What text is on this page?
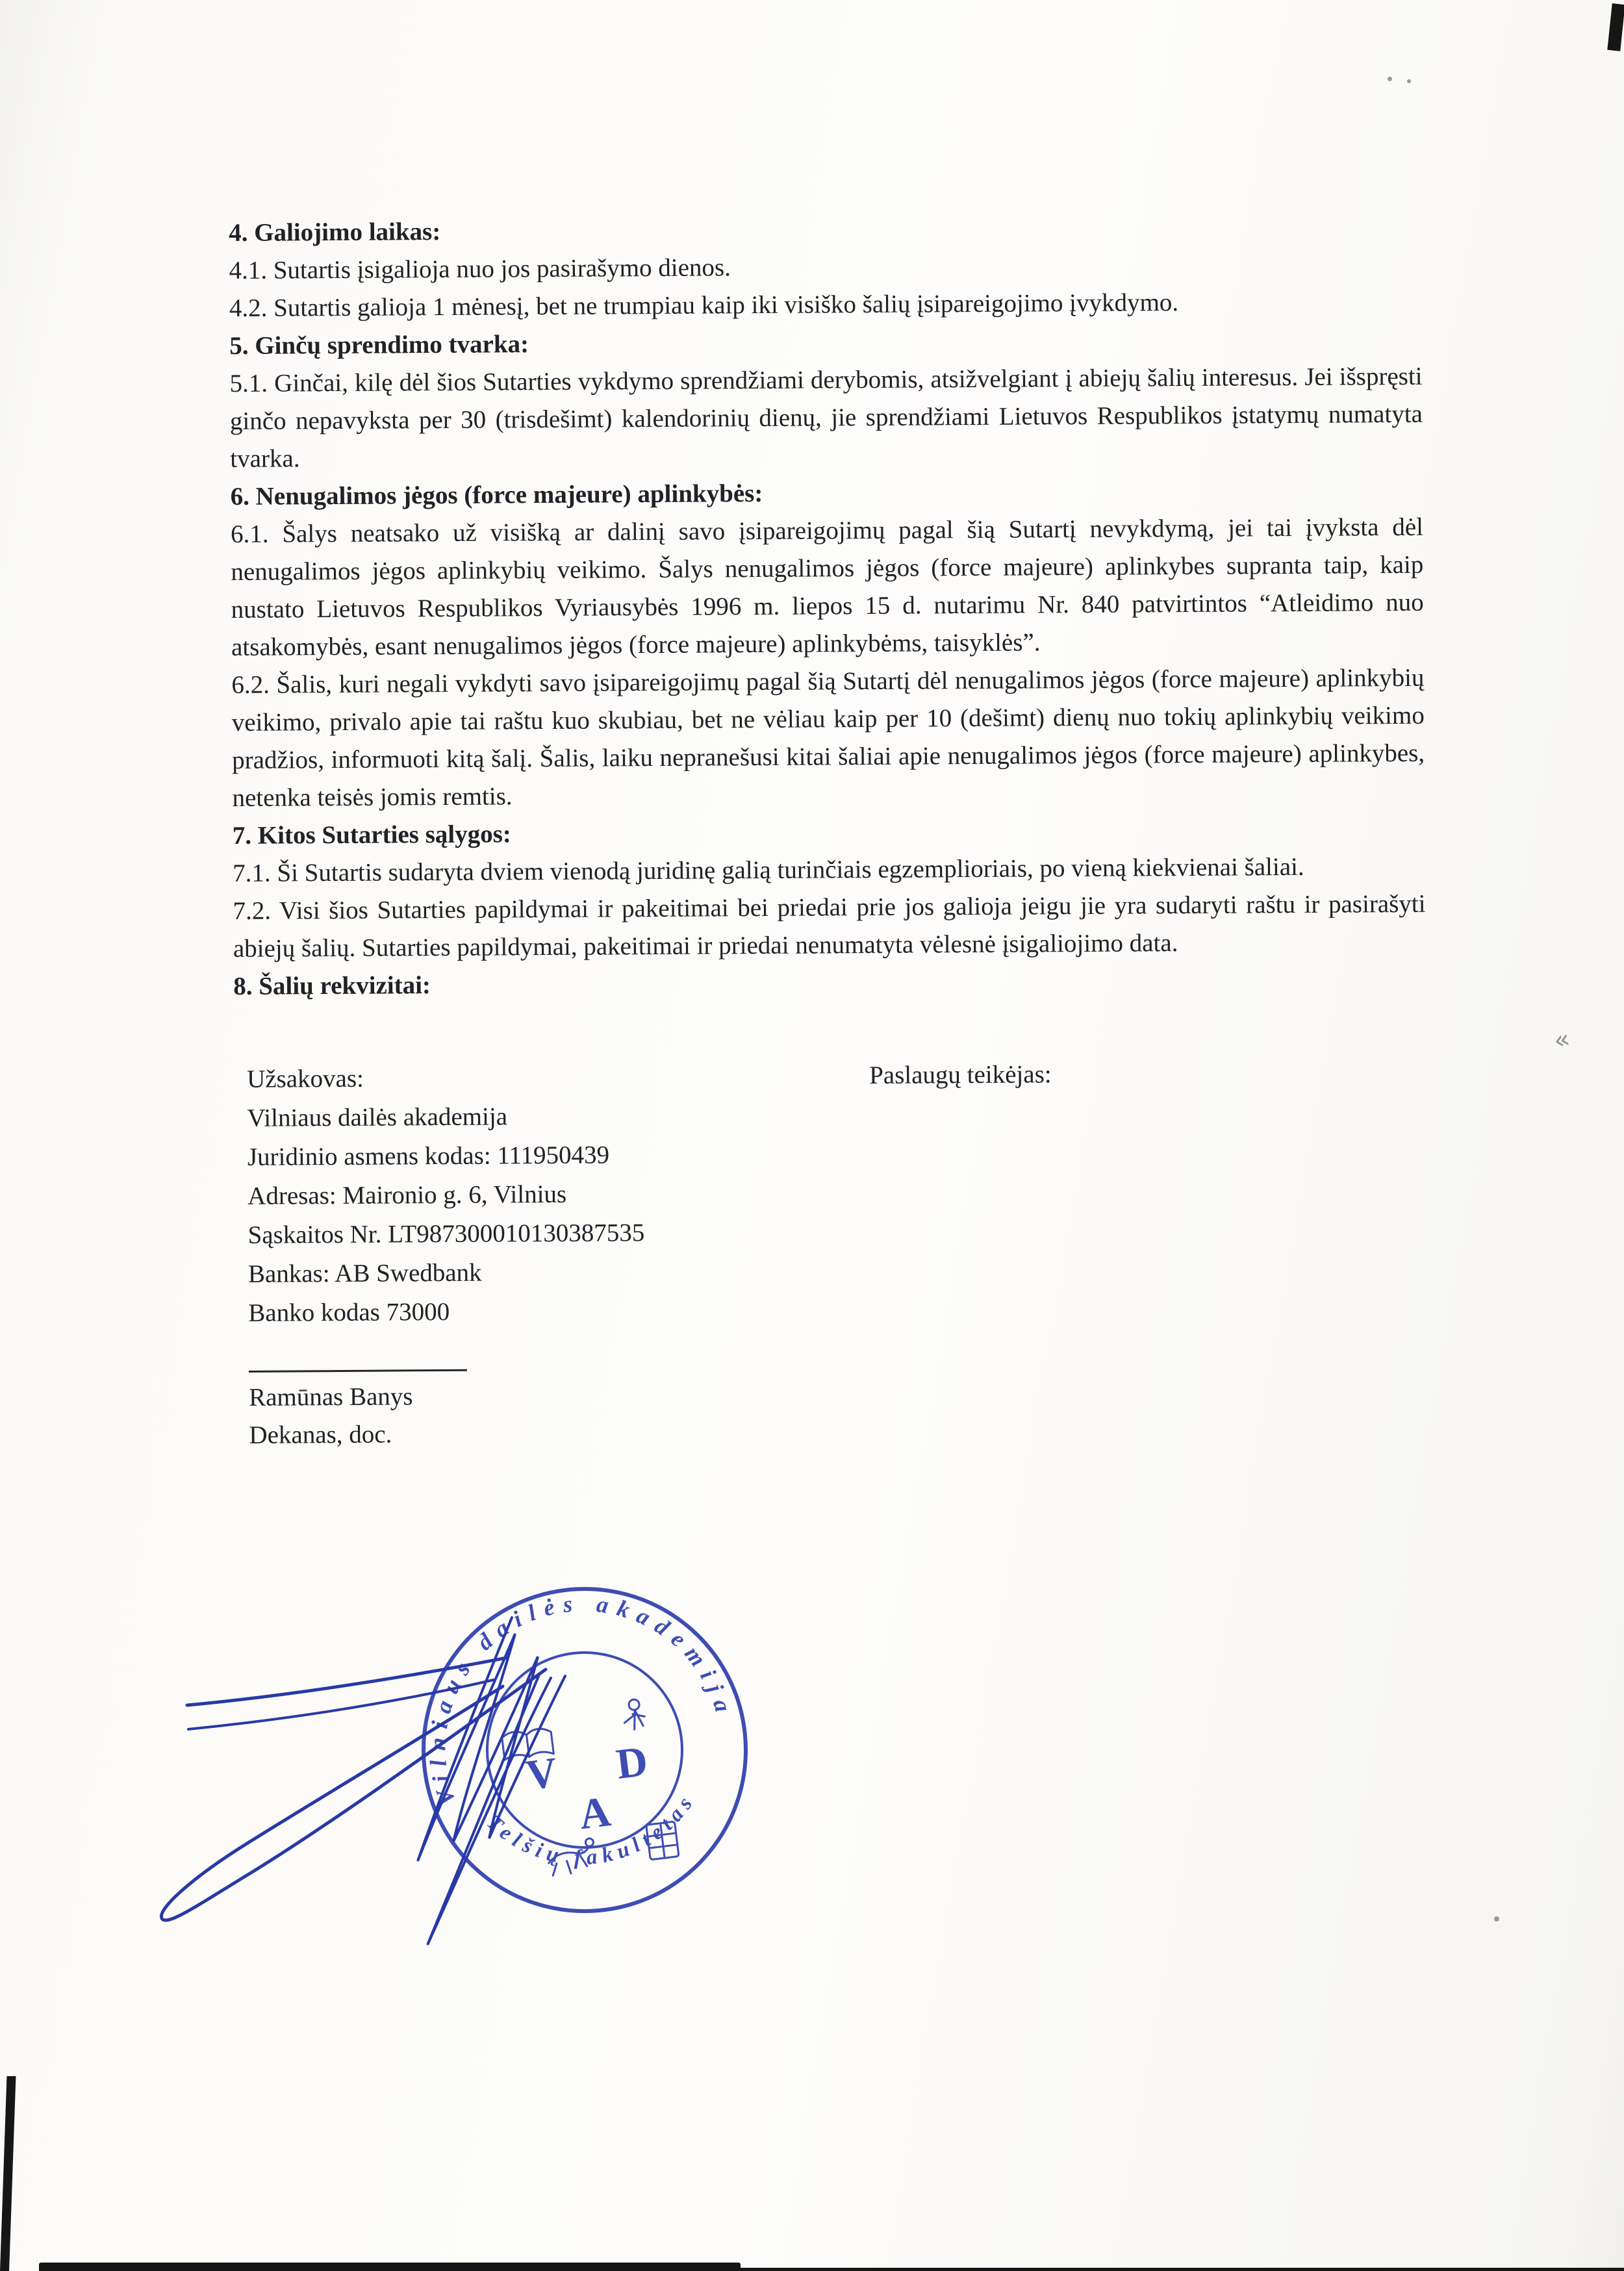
4. Galiojimo laikas:

4.1. Sutartis įsigalioja nuo jos pasirašymo dienos.

4.2. Sutartis galioja 1 mėnesį, bet ne trumpiau kaip iki visiško šalių įsipareigojimo įvykdymo.

5. Ginčų sprendimo tvarka:

5.1. Ginčai, kilę dėl šios Sutarties vykdymo sprendžiami derybomis, atsižvelgiant į abiejų šalių interesus. Jei išspręsti ginčo nepavyksta per 30 (trisdešimt) kalendorinių dienų, jie sprendžiami Lietuvos Respublikos įstatymų numatyta tvarka.

6. Nenugalimos jėgos (force majeure) aplinkybės:

6.1. Šalys neatsako už visišką ar dalinį savo įsipareigojimų pagal šią Sutartį nevykdymą, jei tai įvyksta dėl nenugalimos jėgos aplinkybių veikimo. Šalys nenugalimos jėgos (force majeure) aplinkybes supranta taip, kaip nustato Lietuvos Respublikos Vyriausybės 1996 m. liepos 15 d. nutarimu Nr. 840 patvirtintos “Atleidimo nuo atsakomybės, esant nenugalimos jėgos (force majeure) aplinkybėms, taisyklės”.

6.2. Šalis, kuri negali vykdyti savo įsipareigojimų pagal šią Sutartį dėl nenugalimos jėgos (force majeure) aplinkybių veikimo, privalo apie tai raštu kuo skubiau, bet ne vėliau kaip per 10 (dešimt) dienų nuo tokių aplinkybių veikimo pradžios, informuoti kitą šalį. Šalis, laiku nepranešusi kitai šaliai apie nenugalimos jėgos (force majeure) aplinkybes, netenka teisės jomis remtis.

7. Kitos Sutarties sąlygos:

7.1. Ši Sutartis sudaryta dviem vienodą juridinę galią turinčiais egzemplioriais, po vieną kiekvienai šaliai.

7.2. Visi šios Sutarties papildymai ir pakeitimai bei priedai prie jos galioja jeigu jie yra sudaryti raštu ir pasirašyti abiejų šalių. Sutarties papildymai, pakeitimai ir priedai nenumatyta vėlesnė įsigaliojimo data.

8. Šalių rekvizitai:
Užsakovas:
Vilniaus dailės akademija
Juridinio asmens kodas: 111950439
Adresas: Maironio g. 6, Vilnius
Sąskaitos Nr. LT987300010130387535
Bankas: AB Swedbank
Banko kodas 73000
Paslaugų teikėjas:
Ramūnas Banys
Dekanas, doc.
Vilniaus dailės akademija
Telšių fakultetas
V D
A
«
